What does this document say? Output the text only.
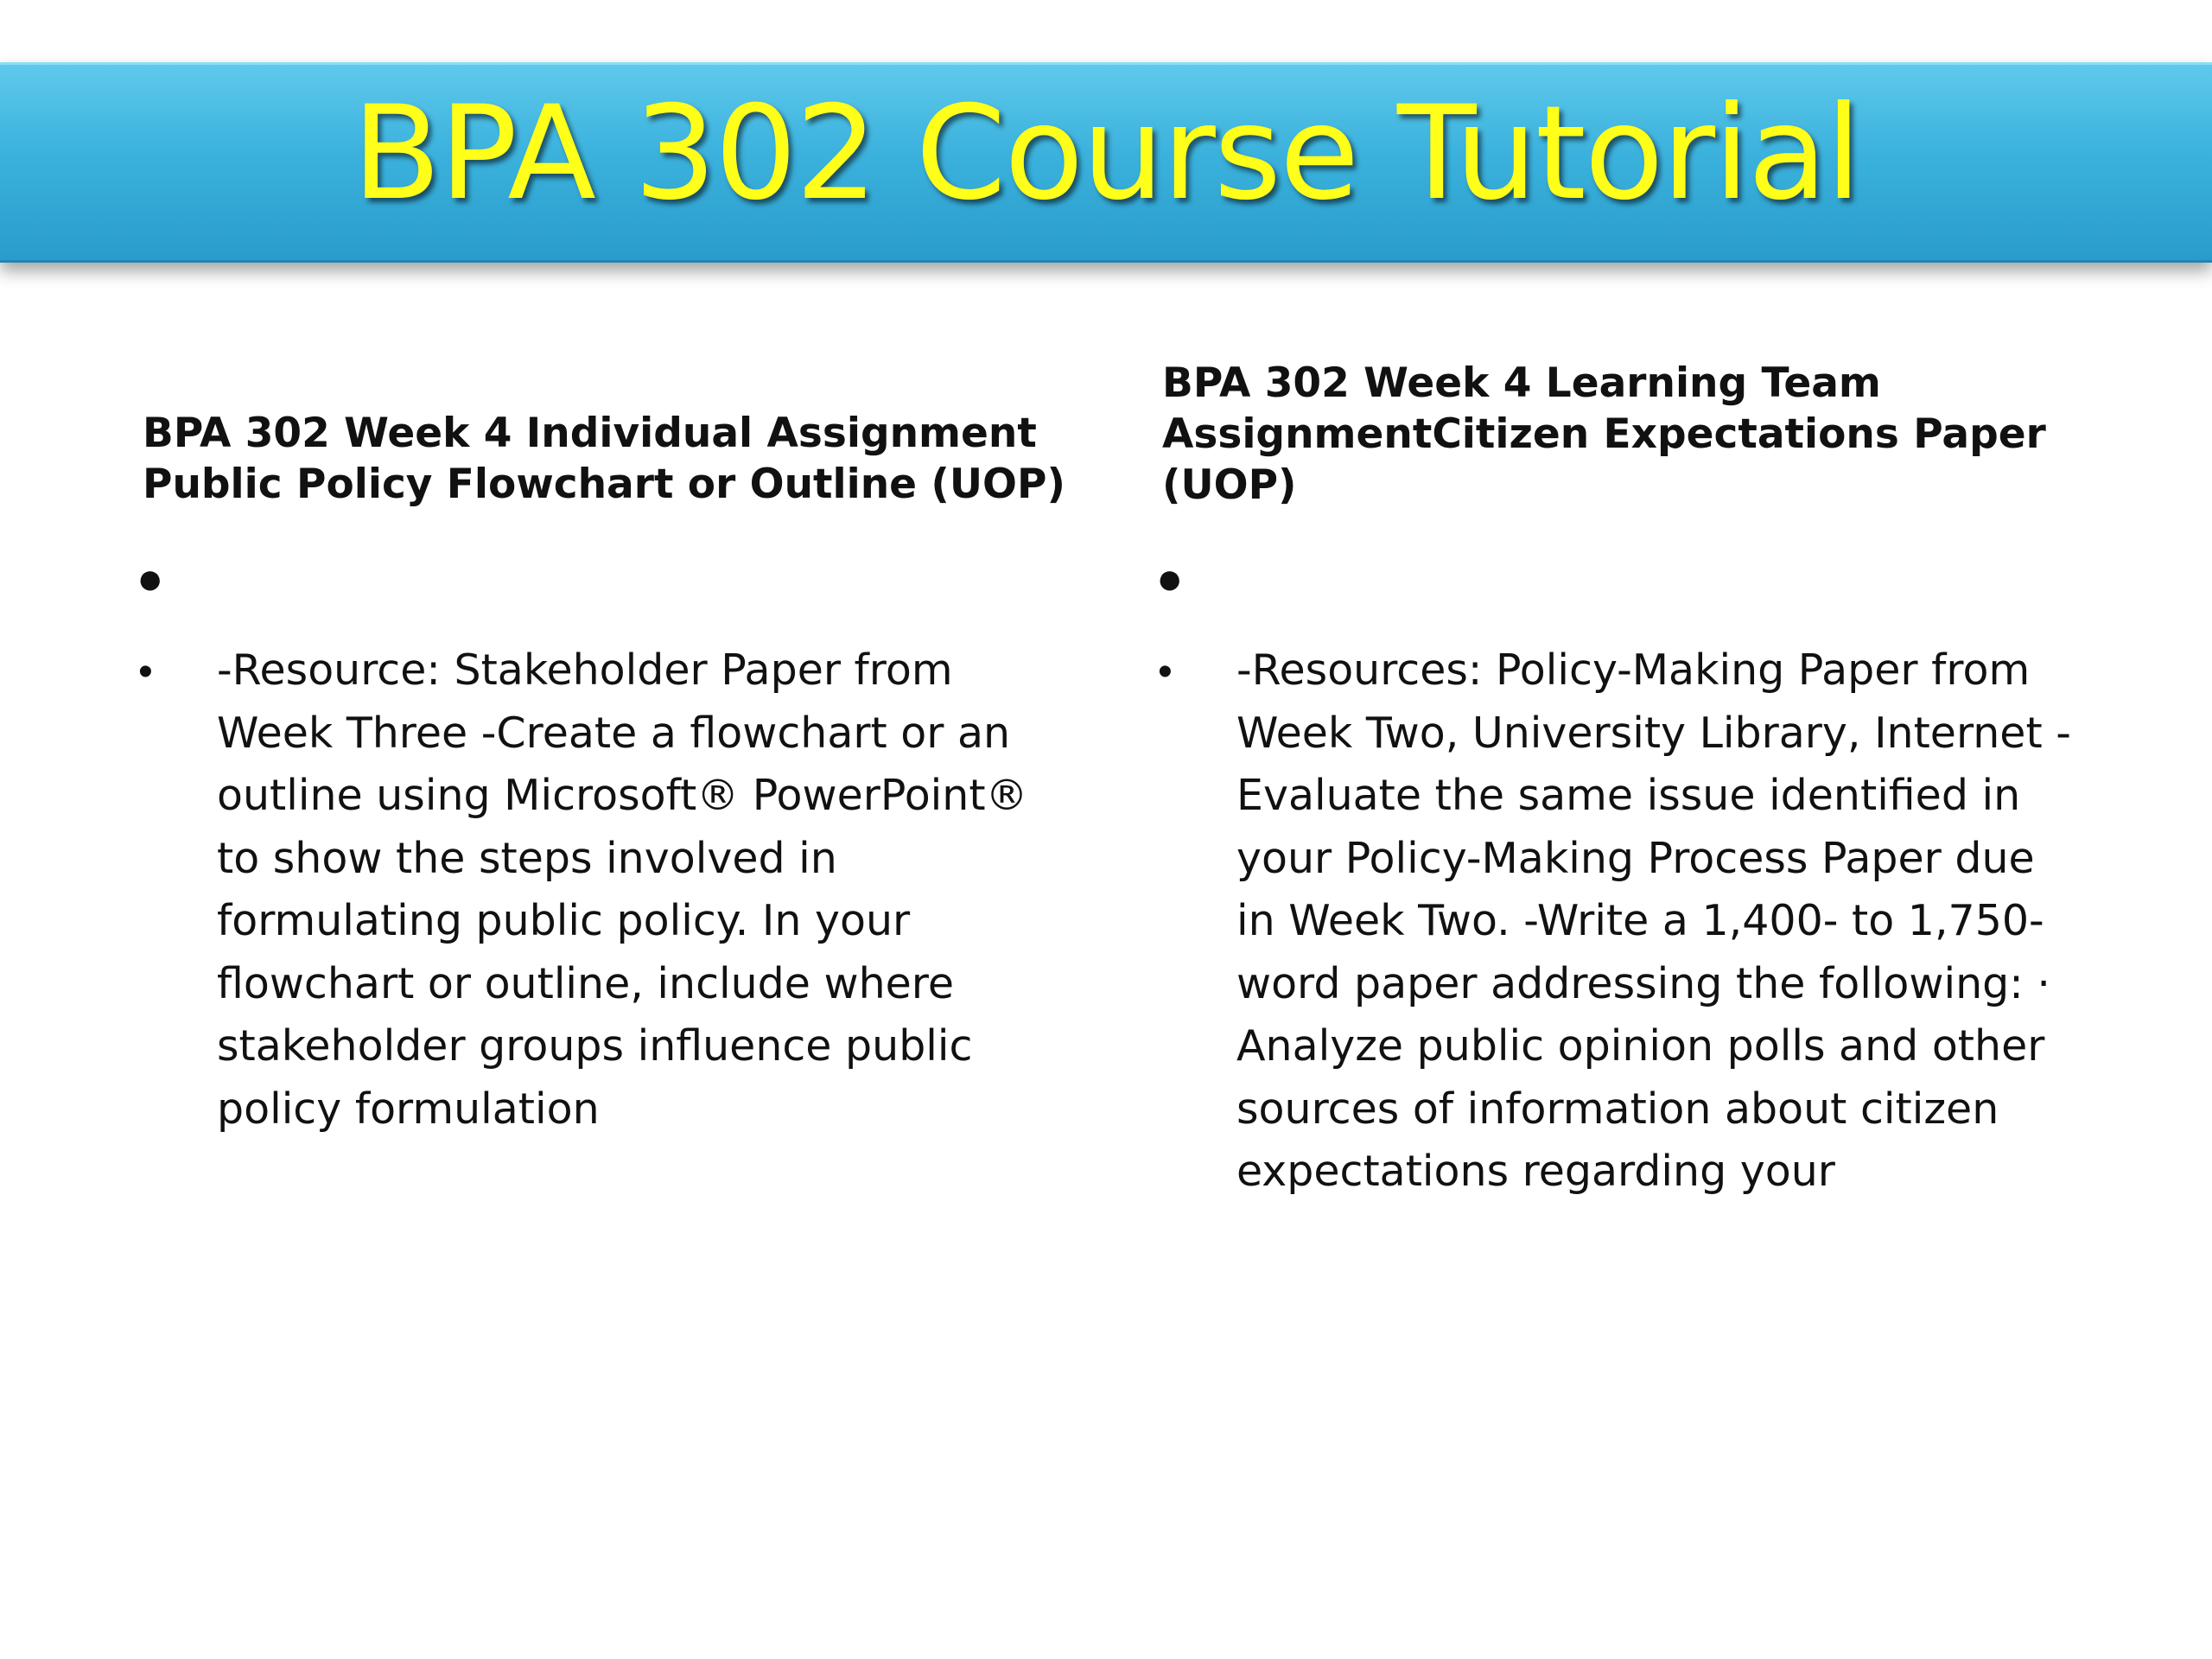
BPA 302 Course Tutorial
BPA 302 Week 4 Individual Assignment
Public Policy Flowchart or Outline (UOP)
●
• -Resource: Stakeholder Paper from
Week Three -Create a flowchart or an
outline using Microsoft® PowerPoint®
to show the steps involved in
formulating public policy. In your
flowchart or outline, include where
stakeholder groups influence public
policy formulation
BPA 302 Week 4 Learning Team
AssignmentCitizen Expectations Paper
(UOP)
●
• -Resources: Policy-Making Paper from
Week Two, University Library, Internet -
Evaluate the same issue identified in
your Policy-Making Process Paper due
in Week Two. -Write a 1,400- to 1,750-
word paper addressing the following: ·
Analyze public opinion polls and other
sources of information about citizen
expectations regarding your
